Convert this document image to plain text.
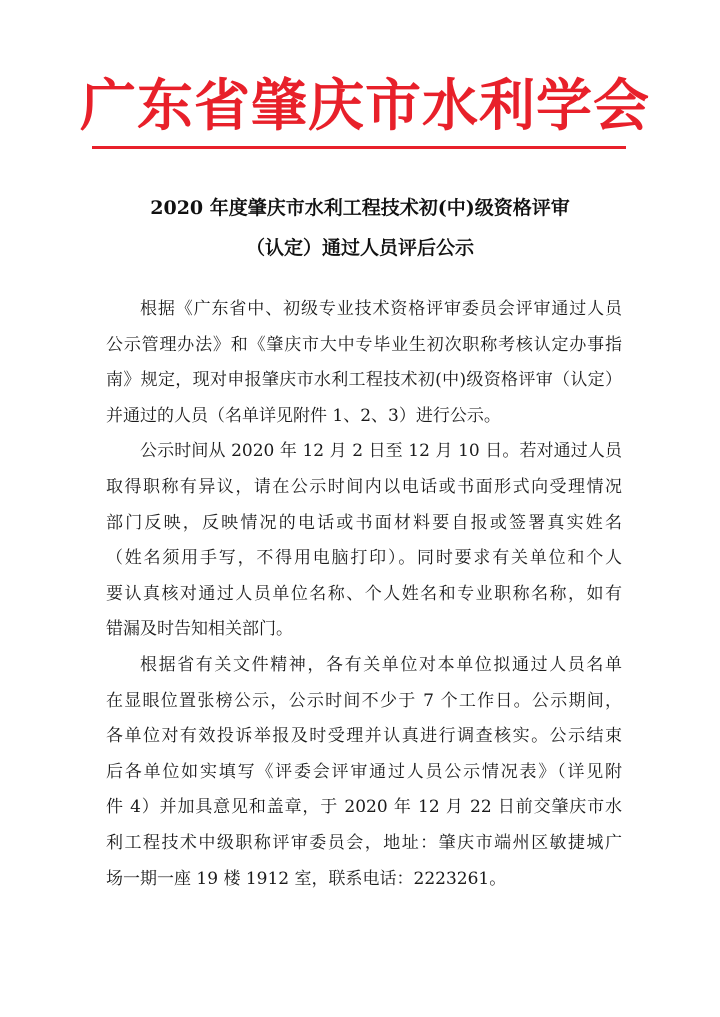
广东省肇庆市水利学会
2020 年度肇庆市水利工程技术初(中)级资格评审
（认定）通过人员评后公示
根据《广东省中、初级专业技术资格评审委员会评审通过人员
公示管理办法》和《肇庆市大中专毕业生初次职称考核认定办事指
南》规定，现对申报肇庆市水利工程技术初(中)级资格评审（认定）
并通过的人员（名单详见附件 1、2、3）进行公示。
公示时间从 2020 年 12 月 2 日至 12 月 10 日。若对通过人员
取得职称有异议，请在公示时间内以电话或书面形式向受理情况
部门反映，反映情况的电话或书面材料要自报或签署真实姓名
（姓名须用手写，不得用电脑打印）。同时要求有关单位和个人
要认真核对通过人员单位名称、个人姓名和专业职称名称，如有
错漏及时告知相关部门。
根据省有关文件精神，各有关单位对本单位拟通过人员名单
在显眼位置张榜公示，公示时间不少于 7 个工作日。公示期间，
各单位对有效投诉举报及时受理并认真进行调查核实。公示结束
后各单位如实填写《评委会评审通过人员公示情况表》（详见附
件 4）并加具意见和盖章，于 2020 年 12 月 22 日前交肇庆市水
利工程技术中级职称评审委员会，地址：肇庆市端州区敏捷城广
场一期一座 19 楼 1912 室，联系电话：2223261。
